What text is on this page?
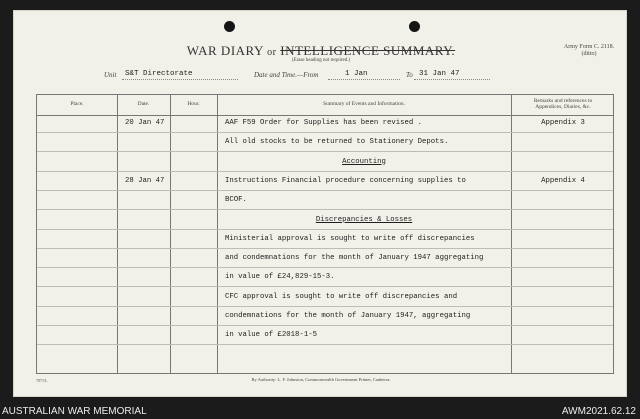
WAR DIARY or INTELLIGENCE SUMMARY.
(Erase heading not required.)
Army Form C. 2118.
(ditto)
Unit S&T Directorate	Date and Time.—From	1 Jan	To 31 Jan 47
Place.	Date.	Hour.	Summary of Events and Information.	Remarks and references to
Appendices, Diaries, &c.
20 Jan 47	AAF F59 Order for Supplies has been revised .	Appendix 3
All old stocks to be returned to Stationery Depots.
Accounting
28 Jan 47	Instructions Financial procedure concerning supplies to	Appendix 4
BCOF.
Discrepancies & Losses
Ministerial approval is sought to write off discrepancies
and condemnations for the month of January 1947 aggregating
in value of £24,829-15-3.
CFC approval is sought to write off discrepancies and
condemnations for the month of January 1947, aggregating
in value of £2018-1-5
7871/L	By Authority: L. F. Johnston, Commonwealth Government Printer, Canberra.
AUSTRALIAN WAR MEMORIAL	AWM2021.62.12
